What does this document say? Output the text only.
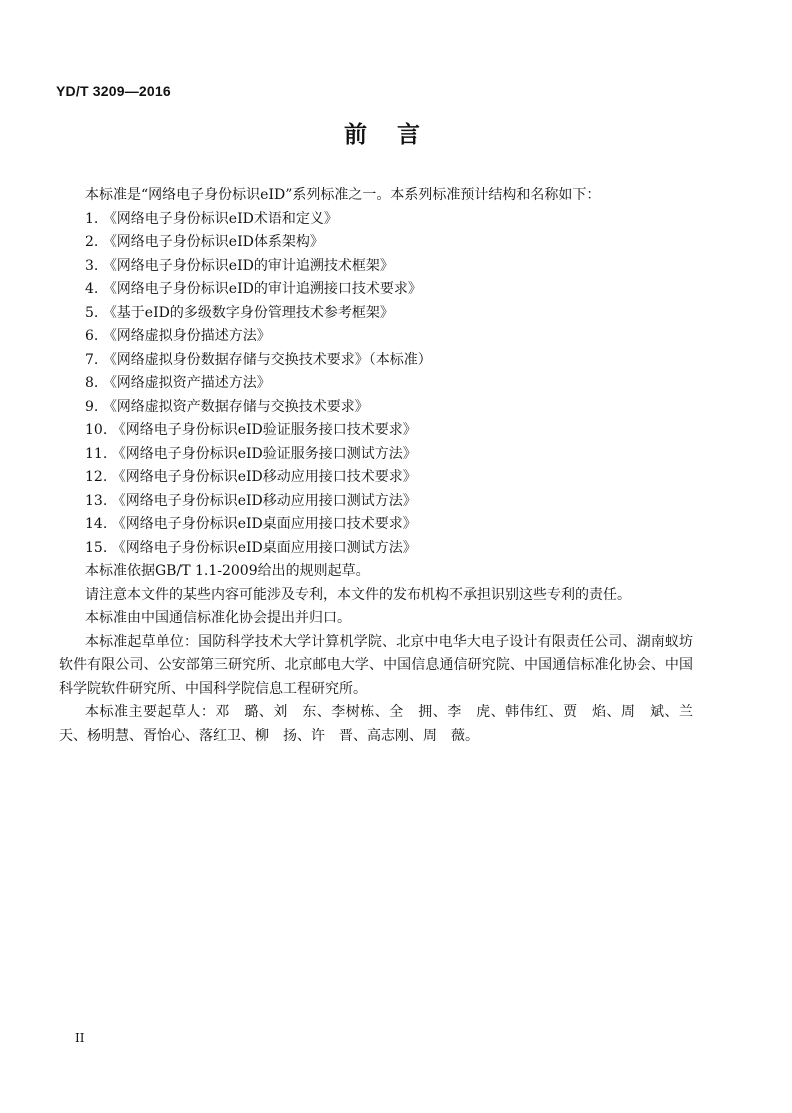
YD/T 3209—2016
前言
本标准是“网络电子身份标识eID”系列标准之一。本系列标准预计结构和名称如下：
1. 《网络电子身份标识eID术语和定义》
2. 《网络电子身份标识eID体系架构》
3. 《网络电子身份标识eID的审计追溯技术框架》
4. 《网络电子身份标识eID的审计追溯接口技术要求》
5. 《基于eID的多级数字身份管理技术参考框架》
6. 《网络虚拟身份描述方法》
7. 《网络虚拟身份数据存储与交换技术要求》（本标准）
8. 《网络虚拟资产描述方法》
9. 《网络虚拟资产数据存储与交换技术要求》
10. 《网络电子身份标识eID验证服务接口技术要求》
11. 《网络电子身份标识eID验证服务接口测试方法》
12. 《网络电子身份标识eID移动应用接口技术要求》
13. 《网络电子身份标识eID移动应用接口测试方法》
14. 《网络电子身份标识eID桌面应用接口技术要求》
15. 《网络电子身份标识eID桌面应用接口测试方法》
本标准依据GB/T 1.1-2009给出的规则起草。
请注意本文件的某些内容可能涉及专利，本文件的发布机构不承担识别这些专利的责任。
本标准由中国通信标准化协会提出并归口。
本标准起草单位：国防科学技术大学计算机学院、北京中电华大电子设计有限责任公司、湖南蚁坊软件有限公司、公安部第三研究所、北京邮电大学、中国信息通信研究院、中国通信标准化协会、中国科学院软件研究所、中国科学院信息工程研究所。
本标准主要起草人：邓　璐、刘　东、李树栋、全　拥、李　虎、韩伟红、贾　焰、周　斌、兰　天、杨明慧、胥怡心、落红卫、柳　扬、许　晋、高志刚、周　薇。
II
